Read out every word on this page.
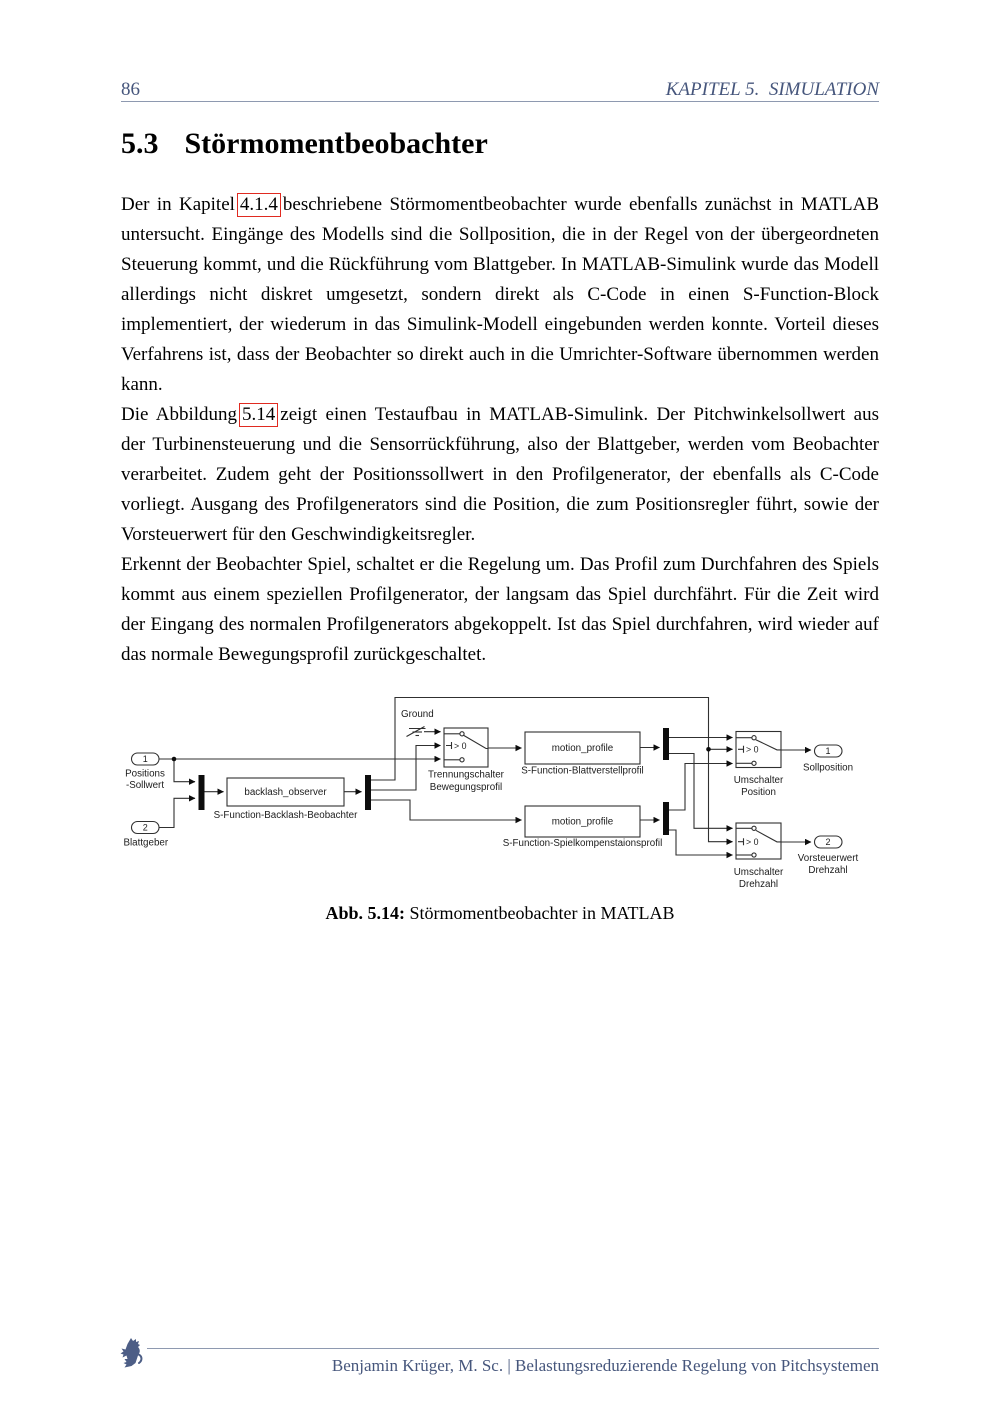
86	KAPITEL 5.  SIMULATION
5.3 Störmomentbeobachter

Der in Kapitel 4.1.4 beschriebene Störmomentbeobachter wurde ebenfalls zunächst in MATLAB untersucht. Eingänge des Modells sind die Sollposition, die in der Regel von der übergeordneten Steuerung kommt, und die Rückführung vom Blattgeber. In MATLAB-Simulink wurde das Modell allerdings nicht diskret umgesetzt, sondern direkt als C-Code in einen S-Function-Block implementiert, der wiederum in das Simulink-Modell eingebunden werden konnte. Vorteil dieses Verfahrens ist, dass der Beobachter so direkt auch in die Umrichter-Software übernommen werden kann.

Die Abbildung 5.14 zeigt einen Testaufbau in MATLAB-Simulink. Der Pitchwinkelsollwert aus der Turbinensteuerung und die Sensorrückführung, also der Blattgeber, werden vom Beobachter verarbeitet. Zudem geht der Positionssollwert in den Profilgenerator, der ebenfalls als C-Code vorliegt. Ausgang des Profilgenerators sind die Position, die zum Positionsregler führt, sowie der Vorsteuerwert für den Geschwindigkeitsregler.

Erkennt der Beobachter Spiel, schaltet er die Regelung um. Das Profil zum Durchfahren des Spiels kommt aus einem speziellen Profilgenerator, der langsam das Spiel durchfährt. Für die Zeit wird der Eingang des normalen Profilgenerators abgekoppelt. Ist das Spiel durchfahren, wird wieder auf das normale Bewegungsprofil zurückgeschaltet.

Ground
1
Positions
-Sollwert
2
Blattgeber
backlash_observer
S-Function-Backlash-Beobachter
> 0
Trennungschalter
Bewegungsprofil
motion_profile
S-Function-Blattverstellprofil
motion_profile
S-Function-Spielkompenstaionsprofil
> 0
Umschalter
Position
> 0
Umschalter
Drehzahl
1
Sollposition
2
Vorsteuerwert
Drehzahl
Abb. 5.14: Störmomentbeobachter in MATLAB
Benjamin Krüger, M. Sc. | Belastungsreduzierende Regelung von Pitchsystemen
